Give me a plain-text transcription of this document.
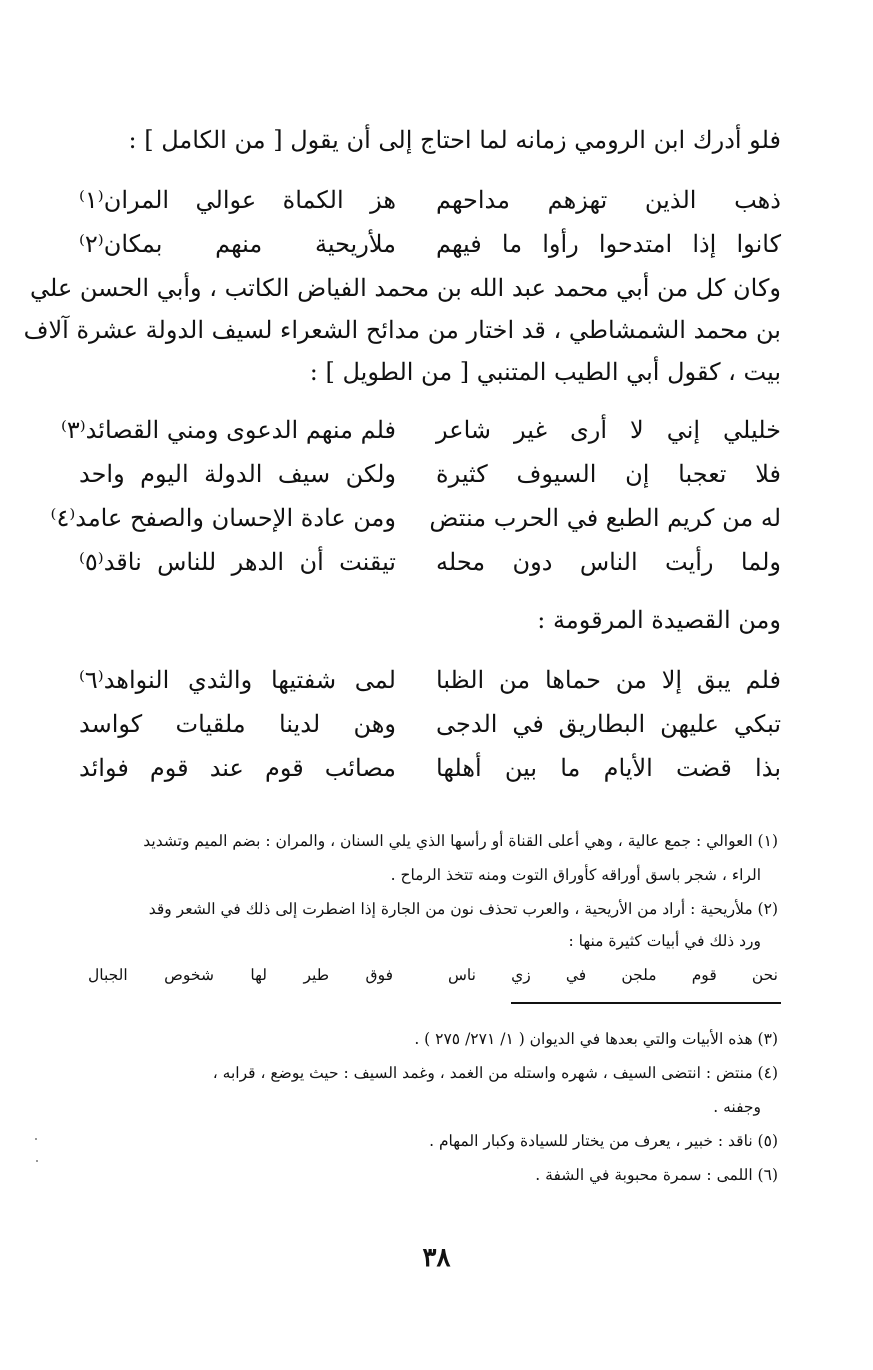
فلو أدرك ابن الرومي زمانه لما احتاج إلى أن يقول [ من الكامل ] :
ذهب الذين تهزهم مداحهم
هز الكماة عوالي المران⁽١⁾
كانوا إذا امتدحوا رأوا ما فيهم
ملأريحية منهم بمكان⁽٢⁾
وكان كل من أبي محمد عبد الله بن محمد الفياض الكاتب ، وأبي الحسن علي
بن محمد الشمشاطي ، قد اختار من مدائح الشعراء لسيف الدولة عشرة آلاف
بيت ، كقول أبي الطيب المتنبي [ من الطويل ] :
خليلي إني لا أرى غير شاعر
فلم منهم الدعوى ومني القصائد⁽٣⁾
فلا تعجبا إن السيوف كثيرة
ولكن سيف الدولة اليوم واحد
له من كريم الطبع في الحرب منتض
ومن عادة الإحسان والصفح عامد⁽٤⁾
ولما رأيت الناس دون محله
تيقنت أن الدهر للناس ناقد⁽٥⁾
ومن القصيدة المرقومة :
فلم يبق إلا من حماها من الظبا
لمى شفتيها والثدي النواهد⁽٦⁾
تبكي عليهن البطاريق في الدجى
وهن لدينا ملقيات كواسد
بذا قضت الأيام ما بين أهلها
مصائب قوم عند قوم فوائد
(١) العوالي : جمع عالية ، وهي أعلى القناة أو رأسها الذي يلي السنان ، والمران : بضم الميم وتشديد
الراء ، شجر باسق أوراقه كأوراق التوت ومنه تتخذ الرماح .
(٢) ملأريحية : أراد من الأريحية ، والعرب تحذف نون من الجارة إذا اضطرت إلى ذلك في الشعر وقد
ورد ذلك في أبيات كثيرة منها :
نحن قوم ملجن في زي ناس
فوق طير لها شخوص الجبال
(٣) هذه الأبيات والتي بعدها في الديوان ( ١/ ٢٧١/ ٢٧٥ ) .
(٤) منتض : انتضى السيف ، شهره واستله من الغمد ، وغمد السيف : حيث يوضع ، قرابه ،
وجفنه .
(٥) ناقد : خبير ، يعرف من يختار للسيادة وكبار المهام .
(٦) اللمى : سمرة محبوبة في الشفة .
٣٨
